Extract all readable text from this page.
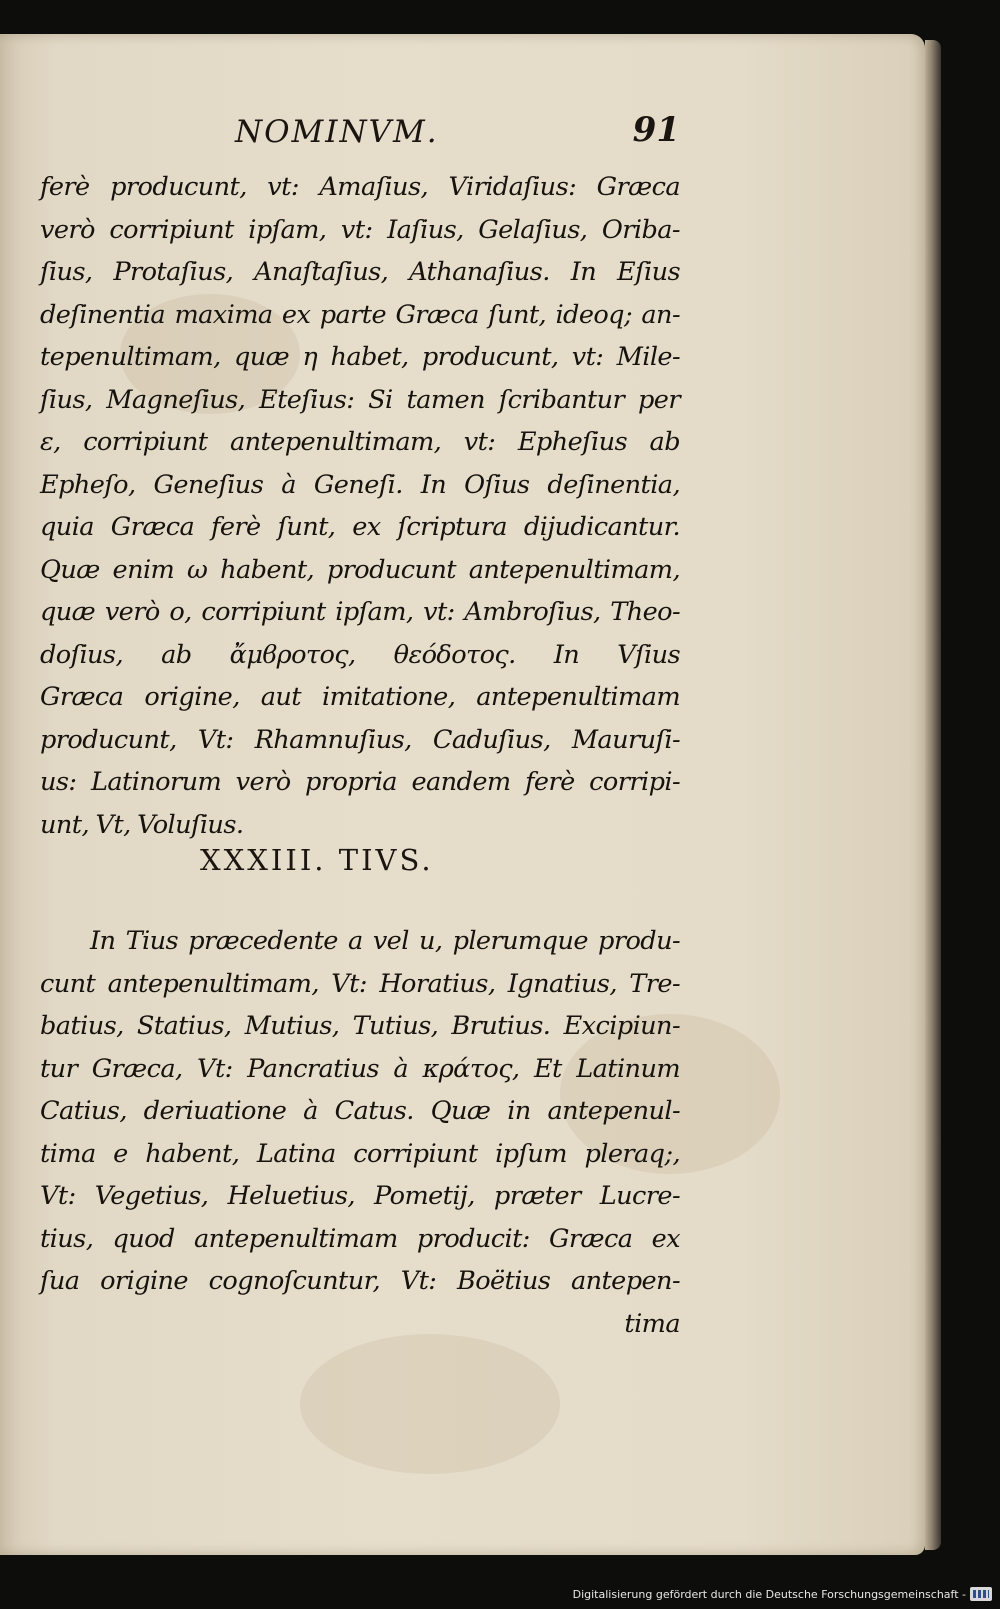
NOMINVM.	91
ferè producunt, vt: Amaſius, Viridaſius: Græca
verò corripiunt ipſam, vt: Iaſius, Gelaſius, Oriba-
ſius, Protaſius, Anaſtaſius, Athanaſius. In Eſius
deſinentia maxima ex parte Græca ſunt, ideoq; an-
tepenultimam, quæ η habet, producunt, vt: Mile-
ſius, Magneſius, Eteſius: Si tamen ſcribantur per
ε, corripiunt antepenultimam, vt: Epheſius ab
Epheſo, Geneſius à Geneſi. In Oſius deſinentia,
quia Græca ferè ſunt, ex ſcriptura dijudicantur.
Quæ enim ω habent, producunt antepenultimam,
quæ verò o, corripiunt ipſam, vt: Ambroſius, Theo-
doſius, ab ἄμϐροτος, θεόδοτος. In Vſius
Græca origine, aut imitatione, antepenultimam
producunt, Vt: Rhamnuſius, Caduſius, Mauruſi-
us: Latinorum verò propria eandem ferè corripi-
unt, Vt, Voluſius.
XXXIII. TIVS.
In Tius præcedente a vel u, plerumque produ-
cunt antepenultimam, Vt: Horatius, Ignatius, Tre-
batius, Statius, Mutius, Tutius, Brutius. Excipiun-
tur Græca, Vt: Pancratius à κράτος, Et Latinum
Catius, deriuatione à Catus. Quæ in antepenul-
tima e habent, Latina corripiunt ipſum pleraq;,
Vt: Vegetius, Heluetius, Pometij, præter Lucre-
tius, quod antepenultimam producit: Græca ex
ſua origine cognoſcuntur, Vt: Boëtius antepen-
tima
Digitalisierung gefördert durch die Deutsche Forschungsgemeinschaft -
